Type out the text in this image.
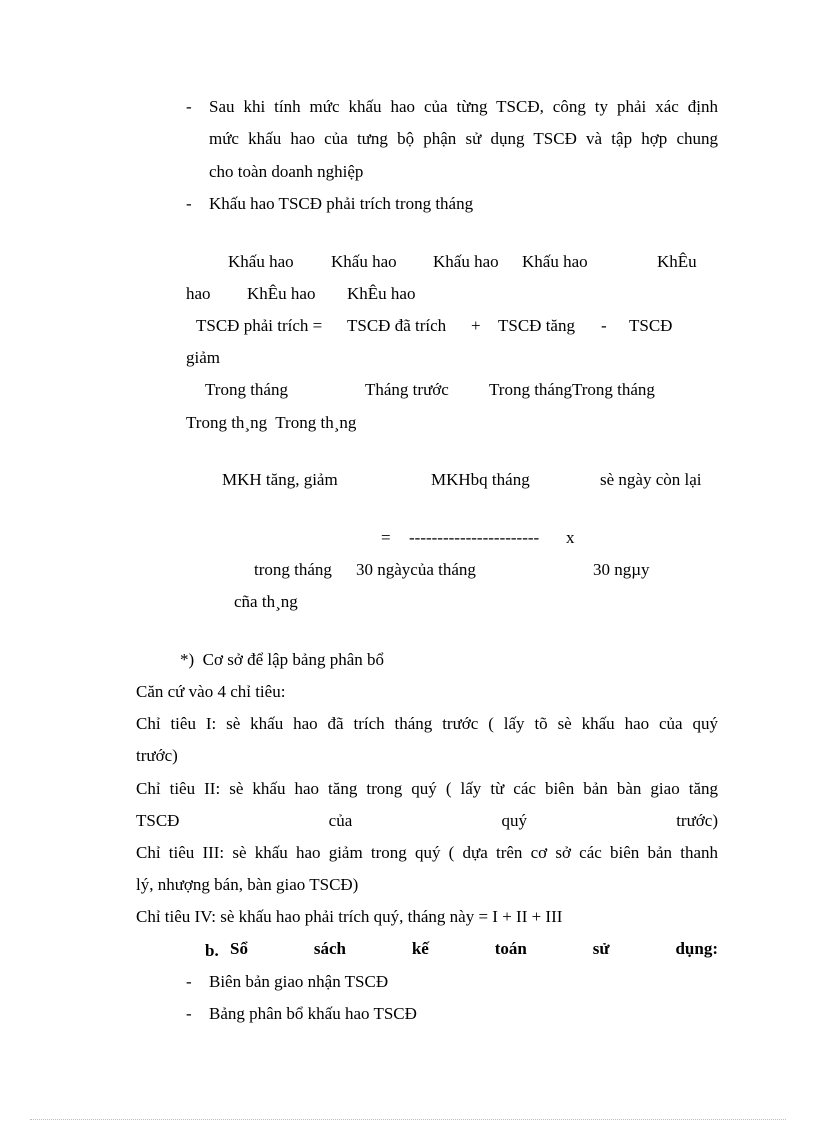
- Sau khi tính mức khấu hao của từng TSCĐ, công ty phải xác định
mức khấu hao của tưng bộ phận sử dụng TSCĐ và tập hợp chung
cho toàn doanh nghiệp
- Khấu hao TSCĐ phải trích trong tháng
Khấu hao Khấu hao Khấu hao Khấu hao	KhÊu
hao KhÊu hao KhÊu hao
TSCĐ phải trích = TSCĐ đã trích + TSCĐ tăng - TSCĐ
giảm
Trong tháng	Tháng trước Trong thángTrong tháng
Trong th¸ng  Trong th¸ng
MKH tăng, giảm	MKHbq tháng	sè ngày còn lại
= ----------------------- x
trong tháng 30 ngàycủa tháng	30 ngµy
cña th¸ng
*)  Cơ sở để lập bảng phân bổ
Căn cứ vào 4 chỉ tiêu:
Chỉ tiêu I: sè khấu hao đã trích tháng trước ( lấy tõ sè khấu hao của quý
trước)
Chỉ tiêu II: sè khấu hao tăng trong quý ( lấy từ các biên bản bàn giao tăng
TSCĐ của quý trước)
Chỉ tiêu III: sè khấu hao giảm trong quý ( dựa trên cơ sở các biên bản thanh
lý, nhượng bán, bàn giao TSCĐ)
Chỉ tiêu IV: sè khấu hao phải trích quý, tháng này = I + II + III
b. Sổ sách kế toán sử dụng:
- Biên bản giao nhận TSCĐ
- Bảng phân bổ khấu hao TSCĐ
